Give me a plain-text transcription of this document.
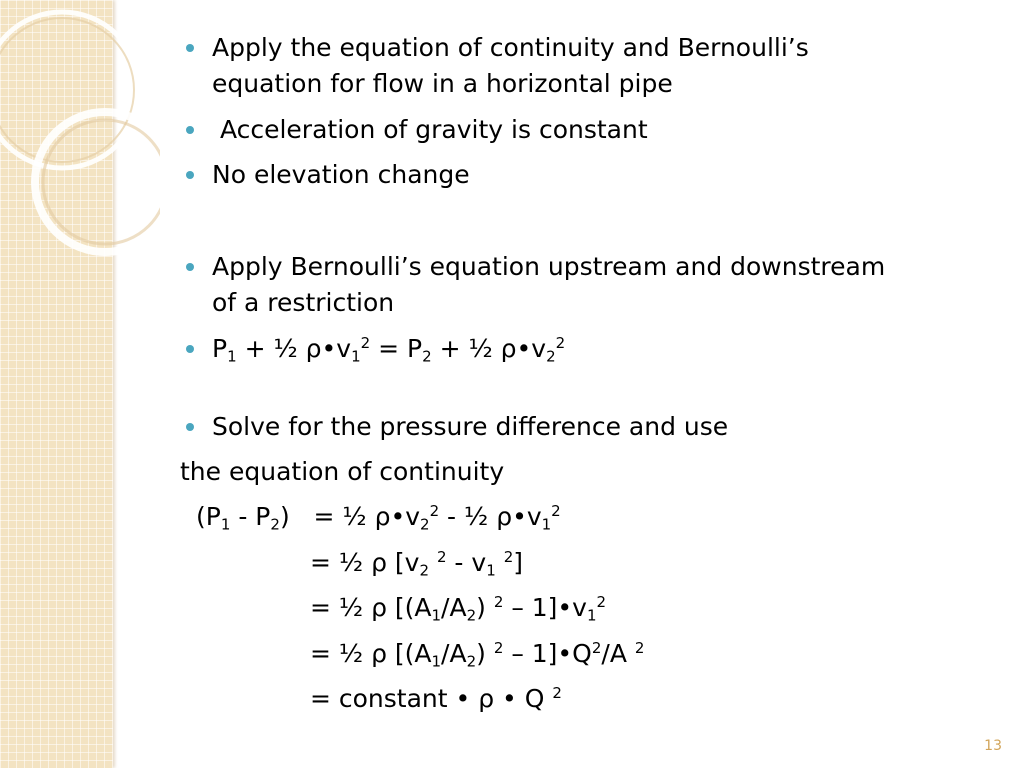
Apply the equation of continuity and Bernoulli’s
equation for flow in a horizontal pipe
Acceleration of gravity is constant
No elevation change
Apply Bernoulli’s equation upstream and downstream
of a restriction
$P_1$ + ½ $\rho•v_1^2 = P_2$ + ½ $\rho•v_2^2$
Solve for the pressure difference and use
the equation of continuity
$(P_1 - P_2)$   = ½ $\rho•v_2^2$ - ½ $\rho•v_1^2$
= ½ ρ [$v_2$ $^2 - v_1$ $^2$]
= ½ ρ [$(A_1/A_2)$ $^2 - 1]•v_1^2$
= ½ ρ [$(A_1/A_2)$ $^2 - 1]•Q^2/A$ $^2$
= constant • ρ • Q $^2$
13
